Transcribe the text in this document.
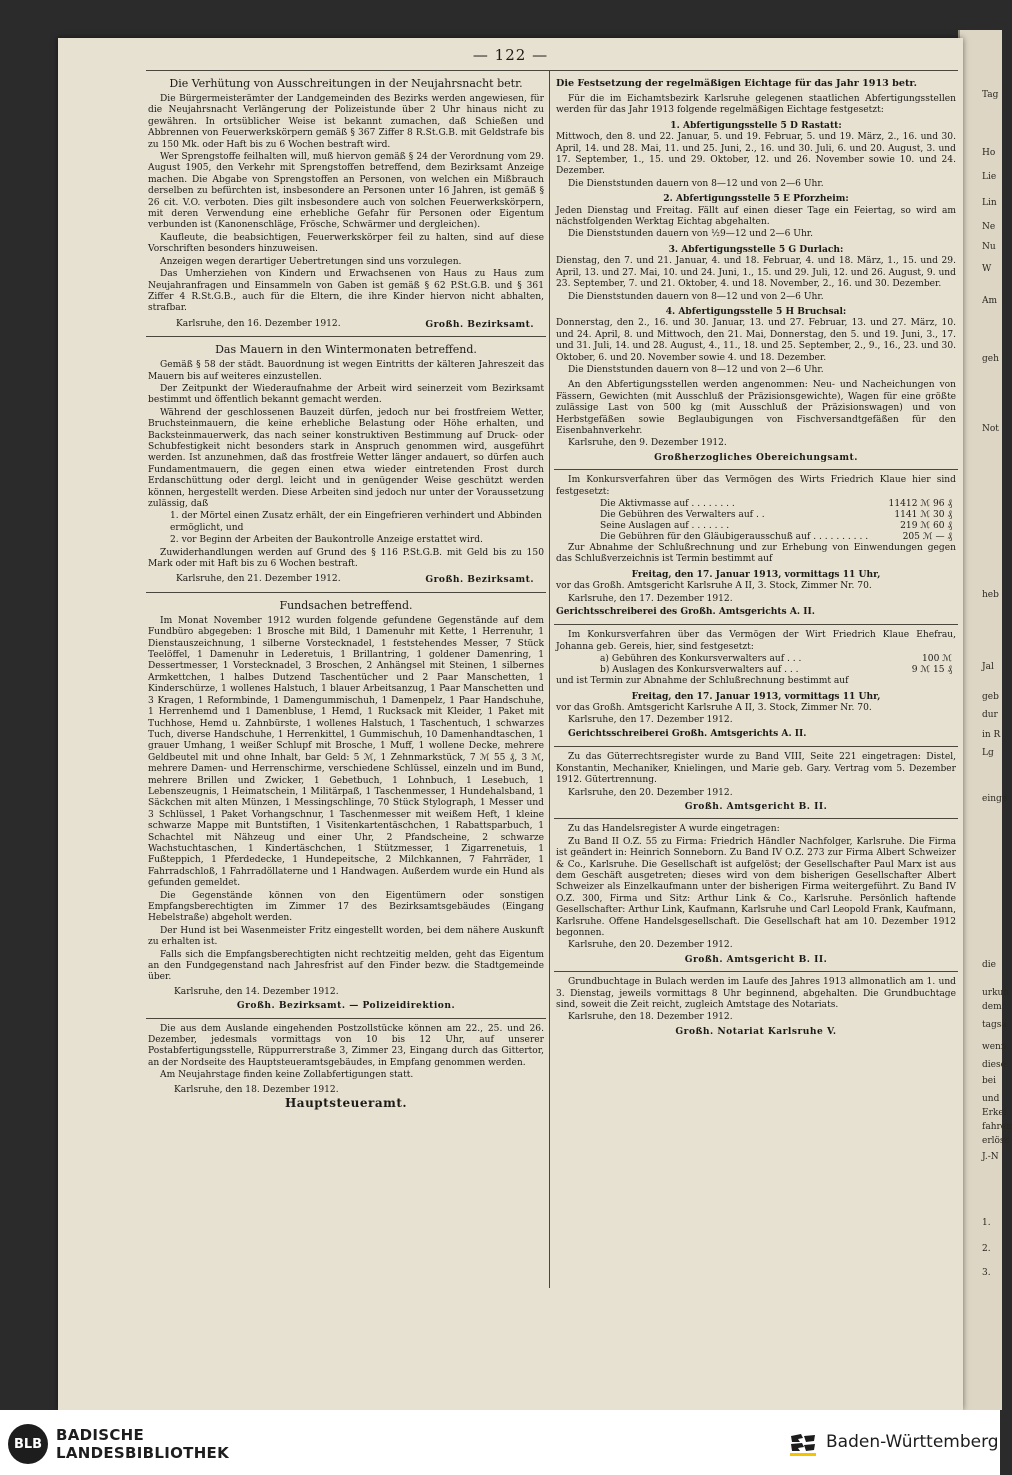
Tag
Ho
Lie
Lin
Ne
Nu
W
Am
geh
Not
heb
Jal
geb
dur
in R
Lg
einge
die
urkun
dem
tagsa
wenn
diese
bei
und
Erkei
fahren
erlösc
J.-N
1.
2.
3.
— 122 —
Die Verhütung von Ausschreitungen in der Neujahrsnacht betr.
Die Bürgermeisterämter der Landgemeinden des Bezirks werden angewiesen, für die Neujahrsnacht Verlängerung der Polizeistunde über 2 Uhr hinaus nicht zu gewähren. In ortsüblicher Weise ist bekannt zumachen, daß Schießen und Abbrennen von Feuerwerkskörpern gemäß § 367 Ziffer 8 R.St.G.B. mit Geldstrafe bis zu 150 Mk. oder Haft bis zu 6 Wochen bestraft wird.
Wer Sprengstoffe feilhalten will, muß hiervon gemäß § 24 der Verordnung vom 29. August 1905, den Verkehr mit Sprengstoffen betreffend, dem Bezirksamt Anzeige machen. Die Abgabe von Sprengstoffen an Personen, von welchen ein Mißbrauch derselben zu befürchten ist, insbesondere an Personen unter 16 Jahren, ist gemäß § 26 cit. V.O. verboten. Dies gilt insbesondere auch von solchen Feuerwerkskörpern, mit deren Verwendung eine erhebliche Gefahr für Personen oder Eigentum verbunden ist (Kanonenschläge, Frösche, Schwärmer und dergleichen).
Kaufleute, die beabsichtigen, Feuerwerkskörper feil zu halten, sind auf diese Vorschriften besonders hinzuweisen.
Anzeigen wegen derartiger Uebertretungen sind uns vorzulegen.
Das Umherziehen von Kindern und Erwachsenen von Haus zu Haus zum Neujahranfragen und Einsammeln von Gaben ist gemäß § 62 P.St.G.B. und § 361 Ziffer 4 R.St.G.B., auch für die Eltern, die ihre Kinder hiervon nicht abhalten, strafbar.
Karlsruhe, den 16. Dezember 1912.	Großh. Bezirksamt.
Das Mauern in den Wintermonaten betreffend.
Gemäß § 58 der städt. Bauordnung ist wegen Eintritts der kälteren Jahreszeit das Mauern bis auf weiteres einzustellen.
Der Zeitpunkt der Wiederaufnahme der Arbeit wird seinerzeit vom Bezirksamt bestimmt und öffentlich bekannt gemacht werden.
Während der geschlossenen Bauzeit dürfen, jedoch nur bei frostfreiem Wetter, Bruchsteinmauern, die keine erhebliche Belastung oder Höhe erhalten, und Backsteinmauerwerk, das nach seiner konstruktiven Bestimmung auf Druck- oder Schubfestigkeit nicht besonders stark in Anspruch genommen wird, ausgeführt werden. Ist anzunehmen, daß das frostfreie Wetter länger andauert, so dürfen auch Fundamentmauern, die gegen einen etwa wieder eintretenden Frost durch Erdanschüttung oder dergl. leicht und in genügender Weise geschützt werden können, hergestellt werden. Diese Arbeiten sind jedoch nur unter der Voraussetzung zulässig, daß
1. der Mörtel einen Zusatz erhält, der ein Eingefrieren verhindert und Abbinden ermöglicht, und
2. vor Beginn der Arbeiten der Baukontrolle Anzeige erstattet wird.
Zuwiderhandlungen werden auf Grund des § 116 P.St.G.B. mit Geld bis zu 150 Mark oder mit Haft bis zu 6 Wochen bestraft.
Karlsruhe, den 21. Dezember 1912.	Großh. Bezirksamt.
Fundsachen betreffend.
Im Monat November 1912 wurden folgende gefundene Gegenstände auf dem Fundbüro abgegeben: 1 Brosche mit Bild, 1 Damenuhr mit Kette, 1 Herrenuhr, 1 Dienstauszeichnung, 1 silberne Vorstecknadel, 1 feststehendes Messer, 7 Stück Teelöffel, 1 Damenuhr in Lederetuis, 1 Brillantring, 1 goldener Damenring, 1 Dessertmesser, 1 Vorstecknadel, 3 Broschen, 2 Anhängsel mit Steinen, 1 silbernes Armkettchen, 1 halbes Dutzend Taschentücher und 2 Paar Manschetten, 1 Kinderschürze, 1 wollenes Halstuch, 1 blauer Arbeitsanzug, 1 Paar Manschetten und 3 Kragen, 1 Reformbinde, 1 Damengummischuh, 1 Damenpelz, 1 Paar Handschuhe, 1 Herrenhemd und 1 Damenbluse, 1 Hemd, 1 Rucksack mit Kleider, 1 Paket mit Tuchhose, Hemd u. Zahnbürste, 1 wollenes Halstuch, 1 Taschentuch, 1 schwarzes Tuch, diverse Handschuhe, 1 Herrenkittel, 1 Gummischuh, 10 Damenhandtaschen, 1 grauer Umhang, 1 weißer Schlupf mit Brosche, 1 Muff, 1 wollene Decke, mehrere Geldbeutel mit und ohne Inhalt, bar Geld: 5 ℳ, 1 Zehnmarkstück, 7 ℳ 55 ₰, 3 ℳ, mehrere Damen- und Herrenschirme, verschiedene Schlüssel, einzeln und im Bund, mehrere Brillen und Zwicker, 1 Gebetbuch, 1 Lohnbuch, 1 Lesebuch, 1 Lebenszeugnis, 1 Heimatschein, 1 Militärpaß, 1 Taschenmesser, 1 Hundehalsband, 1 Säckchen mit alten Münzen, 1 Messingschlinge, 70 Stück Stylograph, 1 Messer und 3 Schlüssel, 1 Paket Vorhangschnur, 1 Taschenmesser mit weißem Heft, 1 kleine schwarze Mappe mit Buntstiften, 1 Visitenkartentäschchen, 1 Rabattsparbuch, 1 Schachtel mit Nähzeug und einer Uhr, 2 Pfandscheine, 2 schwarze Wachstuchtaschen, 1 Kindertäschchen, 1 Stützmesser, 1 Zigarrenetuis, 1 Fußteppich, 1 Pferdedecke, 1 Hundepeitsche, 2 Milchkannen, 7 Fahrräder, 1 Fahrradschloß, 1 Fahrradöllaterne und 1 Handwagen. Außerdem wurde ein Hund als gefunden gemeldet.
Die Gegenstände können von den Eigentümern oder sonstigen Empfangsberechtigten im Zimmer 17 des Bezirksamtsgebäudes (Eingang Hebelstraße) abgeholt werden.
Der Hund ist bei Wasenmeister Fritz eingestellt worden, bei dem nähere Auskunft zu erhalten ist.
Falls sich die Empfangsberechtigten nicht rechtzeitig melden, geht das Eigentum an den Fundgegenstand nach Jahresfrist auf den Finder bezw. die Stadtgemeinde über.
Karlsruhe, den 14. Dezember 1912.
Großh. Bezirksamt. — Polizeidirektion.
Die aus dem Auslande eingehenden Postzollstücke können am 22., 25. und 26. Dezember, jedesmals vormittags von 10 bis 12 Uhr, auf unserer Postabfertigungsstelle, Rüppurrerstraße 3, Zimmer 23, Eingang durch das Gittertor, an der Nordseite des Hauptsteueramtsgebäudes, in Empfang genommen werden.
Am Neujahrstage finden keine Zollabfertigungen statt.
Karlsruhe, den 18. Dezember 1912.
Hauptsteueramt.
Die Festsetzung der regelmäßigen Eichtage für das Jahr 1913 betr.
Für die im Eichamtsbezirk Karlsruhe gelegenen staatlichen Abfertigungsstellen werden für das Jahr 1913 folgende regelmäßigen Eichtage festgesetzt:
1. Abfertigungsstelle 5 D Rastatt:
Mittwoch, den 8. und 22. Januar, 5. und 19. Februar, 5. und 19. März, 2., 16. und 30. April, 14. und 28. Mai, 11. und 25. Juni, 2., 16. und 30. Juli, 6. und 20. August, 3. und 17. September, 1., 15. und 29. Oktober, 12. und 26. November sowie 10. und 24. Dezember.
Die Dienststunden dauern von 8—12 und von 2—6 Uhr.
2. Abfertigungsstelle 5 E Pforzheim:
Jeden Dienstag und Freitag. Fällt auf einen dieser Tage ein Feiertag, so wird am nächstfolgenden Werktag Eichtag abgehalten.
Die Dienststunden dauern von ½9—12 und 2—6 Uhr.
3. Abfertigungsstelle 5 G Durlach:
Dienstag, den 7. und 21. Januar, 4. und 18. Februar, 4. und 18. März, 1., 15. und 29. April, 13. und 27. Mai, 10. und 24. Juni, 1., 15. und 29. Juli, 12. und 26. August, 9. und 23. September, 7. und 21. Oktober, 4. und 18. November, 2., 16. und 30. Dezember.
Die Dienststunden dauern von 8—12 und von 2—6 Uhr.
4. Abfertigungsstelle 5 H Bruchsal:
Donnerstag, den 2., 16. und 30. Januar, 13. und 27. Februar, 13. und 27. März, 10. und 24. April, 8. und Mittwoch, den 21. Mai, Donnerstag, den 5. und 19. Juni, 3., 17. und 31. Juli, 14. und 28. August, 4., 11., 18. und 25. September, 2., 9., 16., 23. und 30. Oktober, 6. und 20. November sowie 4. und 18. Dezember.
Die Dienststunden dauern von 8—12 und von 2—6 Uhr.
An den Abfertigungsstellen werden angenommen: Neu- und Nacheichungen von Fässern, Gewichten (mit Ausschluß der Präzisionsgewichte), Wagen für eine größte zulässige Last von 500 kg (mit Ausschluß der Präzisionswagen) und von Herbstgefäßen sowie Beglaubigungen von Fischversandtgefäßen für den Eisenbahnverkehr.
Karlsruhe, den 9. Dezember 1912.
Großherzogliches Obereichungsamt.
Im Konkursverfahren über das Vermögen des Wirts Friedrich Klaue hier sind festgesetzt:
Die Aktivmasse auf . . . . . . . .	11412 ℳ 96 ₰
Die Gebühren des Verwalters auf . .	1141 ℳ 30 ₰
Seine Auslagen auf . . . . . . .	219 ℳ 60 ₰
Die Gebühren für den Gläubigerausschuß auf . . . . . . . . . .	205 ℳ — ₰
Zur Abnahme der Schlußrechnung und zur Erhebung von Einwendungen gegen das Schlußverzeichnis ist Termin bestimmt auf
Freitag, den 17. Januar 1913, vormittags 11 Uhr,
vor das Großh. Amtsgericht Karlsruhe A II, 3. Stock, Zimmer Nr. 70.
Karlsruhe, den 17. Dezember 1912.
Gerichtsschreiberei des Großh. Amtsgerichts A. II.
Im Konkursverfahren über das Vermögen der Wirt Friedrich Klaue Ehefrau, Johanna geb. Gereis, hier, sind festgesetzt:
a) Gebühren des Konkursverwalters auf . . .	100 ℳ
b) Auslagen des Konkursverwalters auf . . .	9 ℳ 15 ₰
und ist Termin zur Abnahme der Schlußrechnung bestimmt auf
Freitag, den 17. Januar 1913, vormittags 11 Uhr,
vor das Großh. Amtsgericht Karlsruhe A II, 3. Stock, Zimmer Nr. 70.
Karlsruhe, den 17. Dezember 1912.
Gerichtsschreiberei Großh. Amtsgerichts A. II.
Zu das Güterrechtsregister wurde zu Band VIII, Seite 221 eingetragen: Distel, Konstantin, Mechaniker, Knielingen, und Marie geb. Gary. Vertrag vom 5. Dezember 1912. Gütertrennung.
Karlsruhe, den 20. Dezember 1912.
Großh. Amtsgericht B. II.
Zu das Handelsregister A wurde eingetragen:
Zu Band II O.Z. 55 zu Firma: Friedrich Händler Nachfolger, Karlsruhe. Die Firma ist geändert in: Heinrich Sonneborn. Zu Band IV O.Z. 273 zur Firma Albert Schweizer & Co., Karlsruhe. Die Gesellschaft ist aufgelöst; der Gesellschafter Paul Marx ist aus dem Geschäft ausgetreten; dieses wird von dem bisherigen Gesellschafter Albert Schweizer als Einzelkaufmann unter der bisherigen Firma weitergeführt. Zu Band IV O.Z. 300, Firma und Sitz: Arthur Link & Co., Karlsruhe. Persönlich haftende Gesellschafter: Arthur Link, Kaufmann, Karlsruhe und Carl Leopold Frank, Kaufmann, Karlsruhe. Offene Handelsgesellschaft. Die Gesellschaft hat am 10. Dezember 1912 begonnen.
Karlsruhe, den 20. Dezember 1912.
Großh. Amtsgericht B. II.
Grundbuchtage in Bulach werden im Laufe des Jahres 1913 allmonatlich am 1. und 3. Dienstag, jeweils vormittags 8 Uhr beginnend, abgehalten. Die Grundbuchtage sind, soweit die Zeit reicht, zugleich Amtstage des Notariats.
Karlsruhe, den 18. Dezember 1912.
Großh. Notariat Karlsruhe V.
BLB BADISCHE
LANDESBIBLIOTHEK
Baden-Württemberg
